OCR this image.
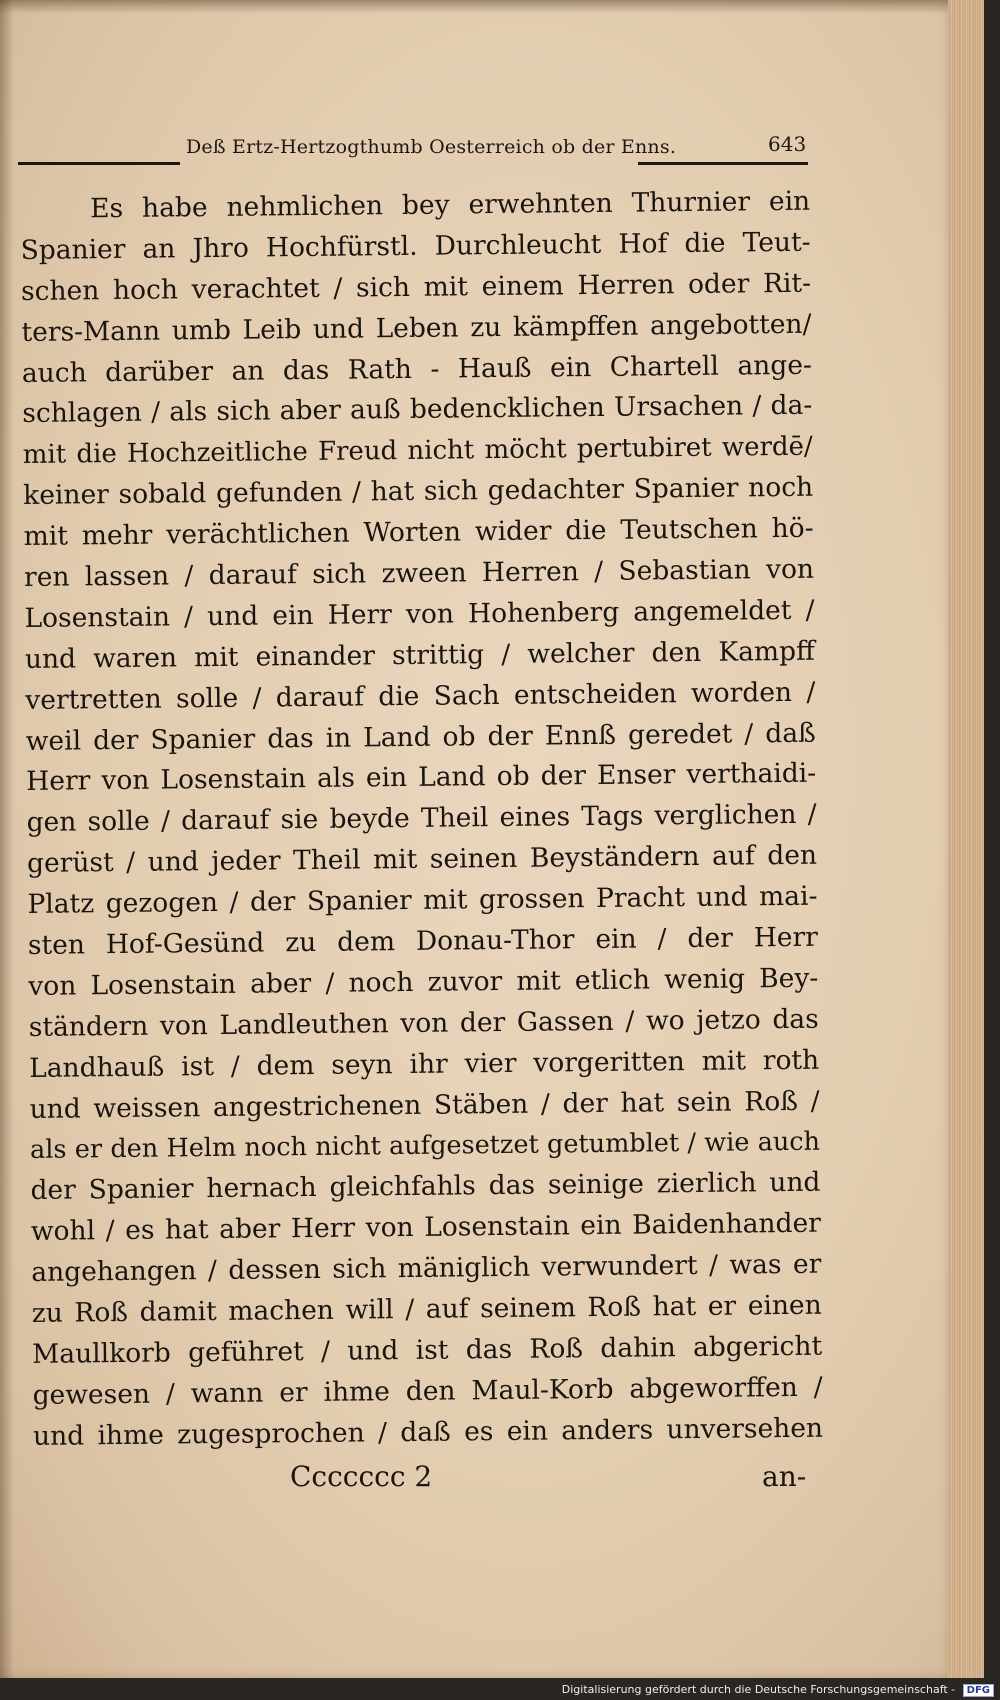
Deß Ertz-Hertzogthumb Oesterreich ob der Enns.	643
Es habe nehmlichen bey erwehnten Thurnier ein
Spanier an Jhro Hochfürstl. Durchleucht Hof die Teut-
schen hoch verachtet / sich mit einem Herren oder Rit-
ters-Mann umb Leib und Leben zu kämpffen angebotten/
auch darüber an das Rath - Hauß ein Chartell ange-
schlagen / als sich aber auß bedencklichen Ursachen / da-
mit die Hochzeitliche Freud nicht möcht pertubiret werdē/
keiner sobald gefunden / hat sich gedachter Spanier noch
mit mehr verächtlichen Worten wider die Teutschen hö-
ren lassen / darauf sich zween Herren / Sebastian von
Losenstain / und ein Herr von Hohenberg angemeldet /
und waren mit einander strittig / welcher den Kampff
vertretten solle / darauf die Sach entscheiden worden /
weil der Spanier das in Land ob der Ennß geredet / daß
Herr von Losenstain als ein Land ob der Enser verthaidi-
gen solle / darauf sie beyde Theil eines Tags verglichen /
gerüst / und jeder Theil mit seinen Beyständern auf den
Platz gezogen / der Spanier mit grossen Pracht und mai-
sten Hof-Gesünd zu dem Donau-Thor ein / der Herr
von Losenstain aber / noch zuvor mit etlich wenig Bey-
ständern von Landleuthen von der Gassen / wo jetzo das
Landhauß ist / dem seyn ihr vier vorgeritten mit roth
und weissen angestrichenen Stäben / der hat sein Roß /
als er den Helm noch nicht aufgesetzet getumblet / wie auch
der Spanier hernach gleichfahls das seinige zierlich und
wohl / es hat aber Herr von Losenstain ein Baidenhander
angehangen / dessen sich mäniglich verwundert / was er
zu Roß damit machen will / auf seinem Roß hat er einen
Maullkorb geführet / und ist das Roß dahin abgericht
gewesen / wann er ihme den Maul-Korb abgeworffen /
und ihme zugesprochen / daß es ein anders unversehen
Ccccccc 2	an-
Digitalisierung gefördert durch die Deutsche Forschungsgemeinschaft - DFG
